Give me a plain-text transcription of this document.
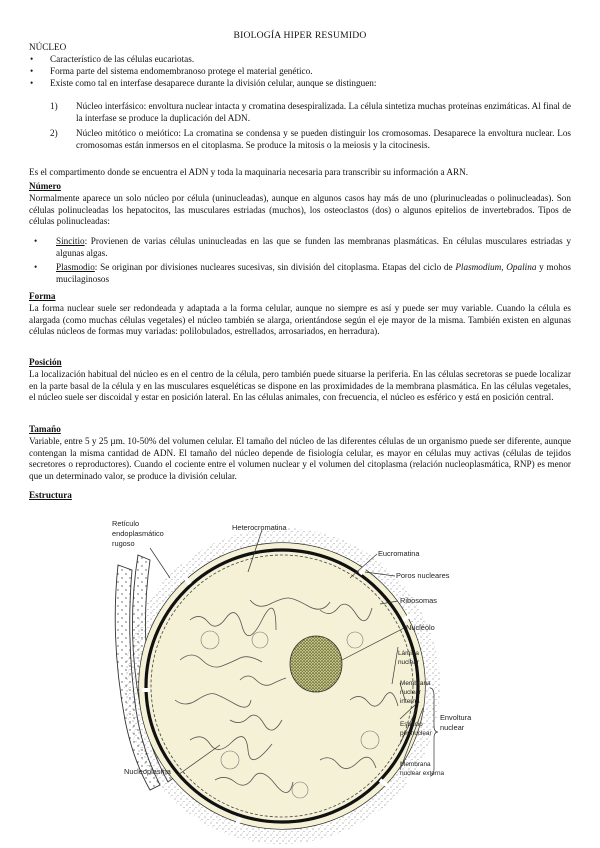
BIOLOGÍA HIPER RESUMIDO
NÚCLEO
• Característico de las células eucariotas.
• Forma parte del sistema endomembranoso protege el material genético.
• Existe como tal en interfase desaparece durante la división celular, aunque se distinguen:
1) Núcleo interfásico: envoltura nuclear intacta y cromatina desespiralizada. La célula sintetiza muchas proteínas enzimáticas. Al final de la interfase se produce la duplicación del ADN.
2) Núcleo mitótico o meiótico: La cromatina se condensa y se pueden distinguir los cromosomas. Desaparece la envoltura nuclear. Los cromosomas están inmersos en el citoplasma. Se produce la mitosis o la meiosis y la citocinesis.
Es el compartimento donde se encuentra el ADN y toda la maquinaria necesaria para transcribir su información a ARN.
Número
Normalmente aparece un solo núcleo por célula (uninucleadas), aunque en algunos casos hay más de uno (plurinucleadas o polinucleadas). Son células polinucleadas los hepatocitos, las musculares estriadas (muchos), los osteoclastos (dos) o algunos epitelios de invertebrados. Tipos de células polinucleadas:
• Sincitio: Provienen de varias células uninucleadas en las que se funden las membranas plasmáticas. En células musculares estriadas y algunas algas.
• Plasmodio: Se originan por divisiones nucleares sucesivas, sin división del citoplasma. Etapas del ciclo de Plasmodium, Opalina y mohos mucilaginosos
Forma
La forma nuclear suele ser redondeada y adaptada a la forma celular, aunque no siempre es así y puede ser muy variable. Cuando la célula es alargada (como muchas células vegetales) el núcleo también se alarga, orientándose según el eje mayor de la misma. También existen en algunas células núcleos de formas muy variadas: polilobulados, estrellados, arrosariados, en herradura).
Posición
La localización habitual del núcleo es en el centro de la célula, pero también puede situarse la periferia. En las células secretoras se puede localizar en la parte basal de la célula y en las musculares esqueléticas se dispone en las proximidades de la membrana plasmática. En las células vegetales, el núcleo suele ser discoidal y estar en posición lateral. En las células animales, con frecuencia, el núcleo es esférico y está en posición central.
Tamaño
Variable, entre 5 y 25 µm. 10-50% del volumen celular. El tamaño del núcleo de las diferentes células de un organismo puede ser diferente, aunque contengan la misma cantidad de ADN. El tamaño del núcleo depende de fisiología celular, es mayor en células muy activas (células de tejidos secretores o reproductores). Cuando el cociente entre el volumen nuclear y el volumen del citoplasma (relación nucleoplasmática, RNP) es menor que un determinado valor, se produce la división celular.
Estructura
Retículo
endoplasmático
rugoso
Heterocromatina
Eucromatina
Poros nucleares
Ribosomas
Nucléolo
Lámina
nuclear
Membrana
nuclear
interna
Espacio
perinuclear
Membrana
nuclear externa
Envoltura
nuclear
Nucleoplasma
